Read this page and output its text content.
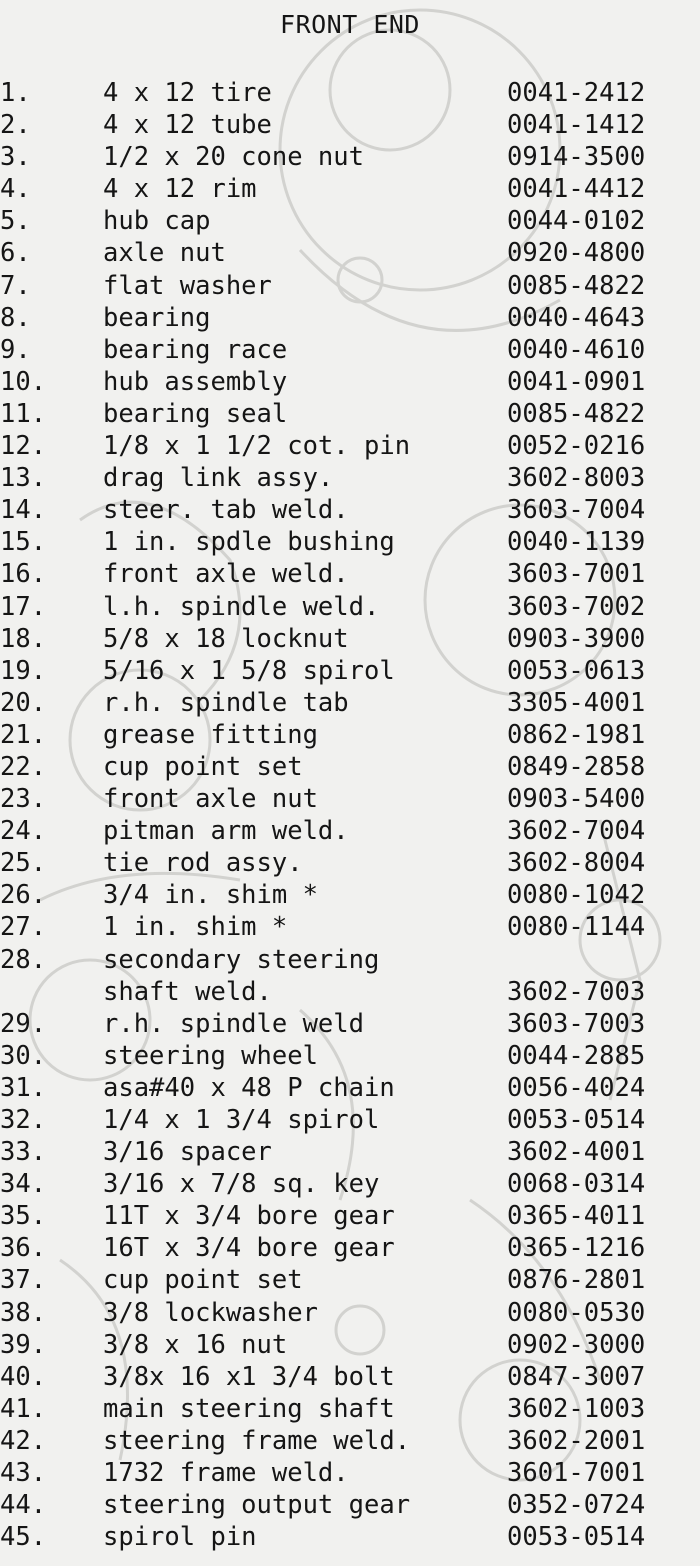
FRONT END
1.	4 x 12 tire	0041-2412
2.	4 x 12 tube	0041-1412
3.	1/2 x 20 cone nut	0914-3500
4.	4 x 12 rim	0041-4412
5.	hub cap	0044-0102
6.	axle nut	0920-4800
7.	flat washer	0085-4822
8.	bearing	0040-4643
9.	bearing race	0040-4610
10. hub assembly	0041-0901
11. bearing seal	0085-4822
12. 1/8 x 1 1/2 cot. pin	0052-0216
13. drag link assy.	3602-8003
14. steer. tab weld.	3603-7004
15. 1 in. spdle bushing	0040-1139
16. front axle weld.	3603-7001
17. l.h. spindle weld.	3603-7002
18. 5/8 x 18 locknut	0903-3900
19. 5/16 x 1 5/8 spirol	0053-0613
20. r.h. spindle tab	3305-4001
21. grease fitting	0862-1981
22. cup point set	0849-2858
23. front axle nut	0903-5400
24. pitman arm weld.	3602-7004
25. tie rod assy.	3602-8004
26. 3/4 in. shim *	0080-1042
27. 1 in. shim *	0080-1144
28. secondary steering
shaft weld.	3602-7003
29. r.h. spindle weld	3603-7003
30. steering wheel	0044-2885
31. asa#40 x 48 P chain	0056-4024
32. 1/4 x 1 3/4 spirol	0053-0514
33. 3/16 spacer	3602-4001
34. 3/16 x 7/8 sq. key	0068-0314
35. 11T x 3/4 bore gear	0365-4011
36. 16T x 3/4 bore gear	0365-1216
37. cup point set	0876-2801
38. 3/8 lockwasher	0080-0530
39. 3/8 x 16 nut	0902-3000
40. 3/8x 16 x1 3/4 bolt	0847-3007
41. main steering shaft	3602-1003
42. steering frame weld.	3602-2001
43. 1732 frame weld.	3601-7001
44. steering output gear	0352-0724
45. spirol pin	0053-0514
